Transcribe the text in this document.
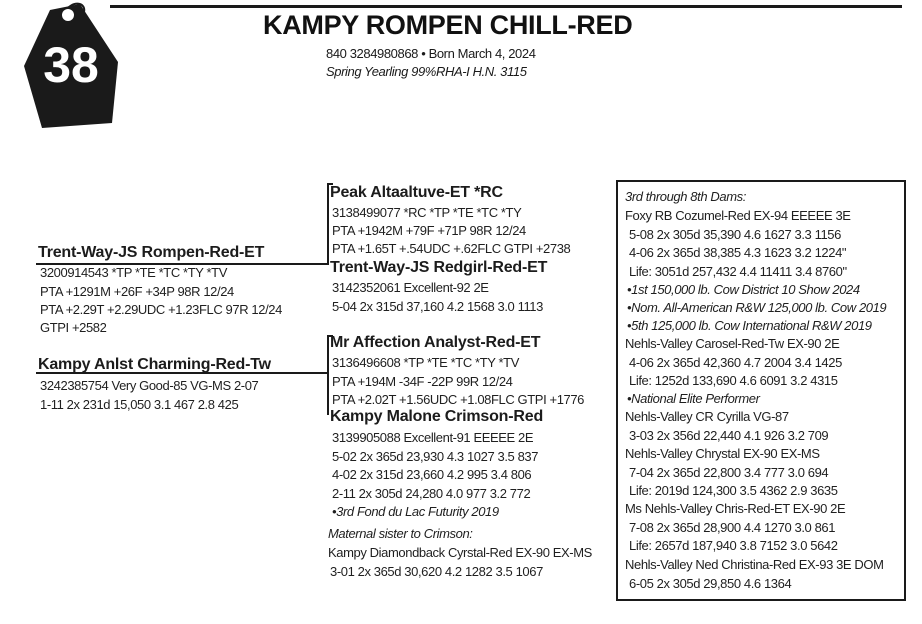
38
KAMPY ROMPEN CHILL-RED
840 3284980868 • Born March 4, 2024
Spring Yearling 99%RHA-I H.N. 3115
Trent-Way-JS Rompen-Red-ET
3200914543 *TP *TE *TC *TY *TV
PTA +1291M +26F +34P 98R 12/24
PTA +2.29T +2.29UDC +1.23FLC 97R 12/24
GTPI +2582
Kampy Anlst Charming-Red-Tw
3242385754 Very Good-85 VG-MS 2-07
1-11 2x 231d 15,050 3.1 467 2.8 425
Peak Altaaltuve-ET *RC
3138499077 *RC *TP *TE *TC *TY
PTA +1942M +79F +71P 98R 12/24
PTA +1.65T +.54UDC +.62FLC GTPI +2738
Trent-Way-JS Redgirl-Red-ET
3142352061 Excellent-92 2E
5-04 2x 315d 37,160 4.2 1568 3.0 1113
Mr Affection Analyst-Red-ET
3136496608 *TP *TE *TC *TY *TV
PTA +194M -34F -22P 99R 12/24
PTA +2.02T +1.56UDC +1.08FLC GTPI +1776
Kampy Malone Crimson-Red
3139905088 Excellent-91 EEEEE 2E
5-02 2x 365d 23,930 4.3 1027 3.5 837
4-02 2x 315d 23,660 4.2 995 3.4 806
2-11 2x 305d 24,280 4.0 977 3.2 772
•3rd Fond du Lac Futurity 2019
Maternal sister to Crimson:
Kampy Diamondback Cyrstal-Red EX-90 EX-MS
3-01 2x 365d 30,620 4.2 1282 3.5 1067
3rd through 8th Dams:
Foxy RB Cozumel-Red EX-94 EEEEE 3E
5-08 2x 305d 35,390 4.6 1627 3.3 1156
4-06 2x 365d 38,385 4.3 1623 3.2 1224"
Life: 3051d 257,432 4.4 11411 3.4 8760"
•1st 150,000 lb. Cow District 10 Show 2024
•Nom. All-American R&W 125,000 lb. Cow 2019
•5th 125,000 lb. Cow International R&W 2019
Nehls-Valley Carosel-Red-Tw EX-90 2E
4-06 2x 365d 42,360 4.7 2004 3.4 1425
Life: 1252d 133,690 4.6 6091 3.2 4315
•National Elite Performer
Nehls-Valley CR Cyrilla VG-87
3-03 2x 356d 22,440 4.1 926 3.2 709
Nehls-Valley Chrystal EX-90 EX-MS
7-04 2x 365d 22,800 3.4 777 3.0 694
Life: 2019d 124,300 3.5 4362 2.9 3635
Ms Nehls-Valley Chris-Red-ET EX-90 2E
7-08 2x 365d 28,900 4.4 1270 3.0 861
Life: 2657d 187,940 3.8 7152 3.0 5642
Nehls-Valley Ned Christina-Red EX-93 3E DOM
6-05 2x 305d 29,850 4.6 1364
